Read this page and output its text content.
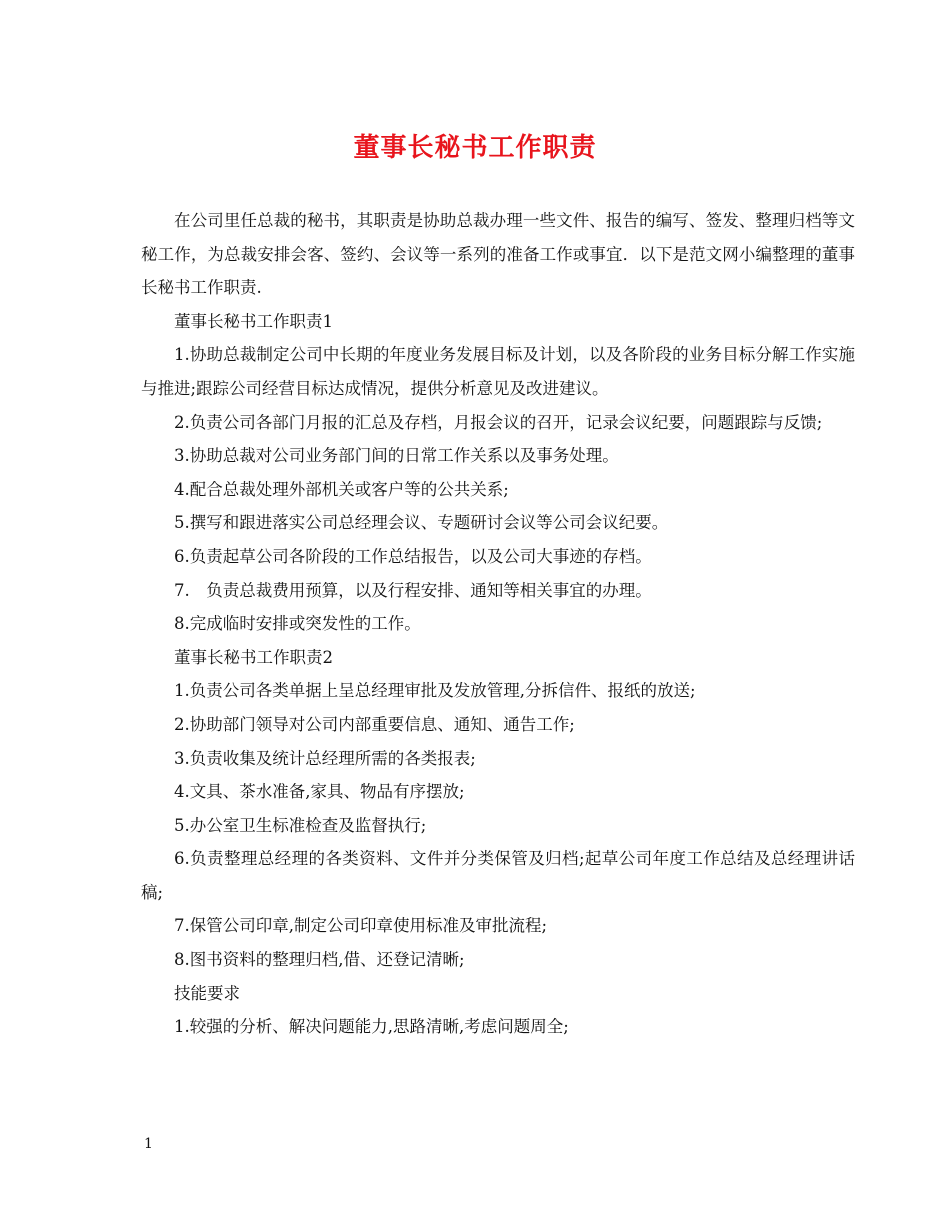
董事长秘书工作职责

在公司里任总裁的秘书，其职责是协助总裁办理一些文件、报告的编写、签发、整理归档等文秘工作，为总裁安排会客、签约、会议等一系列的准备工作或事宜．以下是范文网小编整理的董事长秘书工作职责.

董事长秘书工作职责1

1.协助总裁制定公司中长期的年度业务发展目标及计划，以及各阶段的业务目标分解工作实施与推进;跟踪公司经营目标达成情况，提供分析意见及改进建议。

2.负责公司各部门月报的汇总及存档，月报会议的召开，记录会议纪要，问题跟踪与反馈;

3.协助总裁对公司业务部门间的日常工作关系以及事务处理。

4.配合总裁处理外部机关或客户等的公共关系;

5.撰写和跟进落实公司总经理会议、专题研讨会议等公司会议纪要。

6.负责起草公司各阶段的工作总结报告，以及公司大事迹的存档。

7.　负责总裁费用预算，以及行程安排、通知等相关事宜的办理。

8.完成临时安排或突发性的工作。

董事长秘书工作职责2

1.负责公司各类单据上呈总经理审批及发放管理,分拆信件、报纸的放送;

2.协助部门领导对公司内部重要信息、通知、通告工作;

3.负责收集及统计总经理所需的各类报表;

4.文具、茶水准备,家具、物品有序摆放;

5.办公室卫生标准检查及监督执行;

6.负责整理总经理的各类资料、文件并分类保管及归档;起草公司年度工作总结及总经理讲话稿;

7.保管公司印章,制定公司印章使用标准及审批流程;

8.图书资料的整理归档,借、还登记清晰;

技能要求

1.较强的分析、解决问题能力,思路清晰,考虑问题周全;

1
